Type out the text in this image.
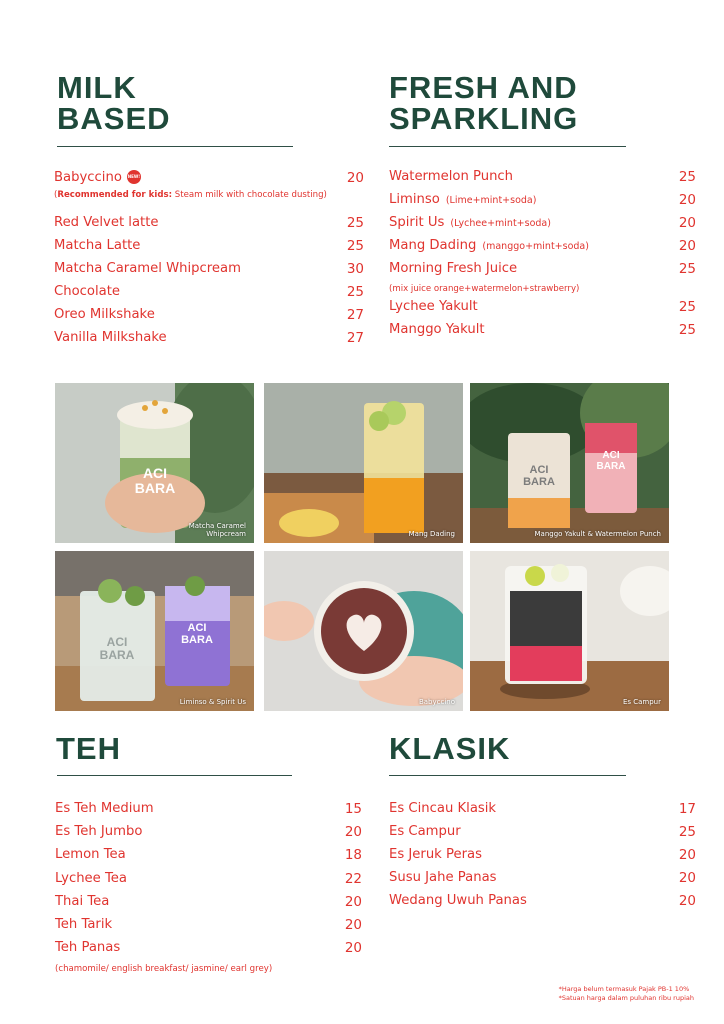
MILK
BASED
Babyccino NEW!	20
(Recommended for kids: Steam milk with chocolate dusting)
Red Velvet latte	25
Matcha Latte	25
Matcha Caramel Whipcream	30
Chocolate	25
Oreo Milkshake	27
Vanilla Milkshake	27
FRESH AND
SPARKLING
Watermelon Punch	25
Liminso (Lime+mint+soda)	20
Spirit Us (Lychee+mint+soda)	20
Mang Dading (manggo+mint+soda)	20
Morning Fresh Juice	25
Lychee Yakult	25
Manggo Yakult	25
(mix juice orange+watermelon+strawberry)
ACI
BARA
Matcha Caramel
Whipcream	Mang Dading
ACI
BARA
ACI
BARA
Manggo Yakult & Watermelon Punch
ACI
BARA
ACI
BARA
Liminso & Spirit Us	Babyccino	Es Campur
TEH
Es Teh Medium	15
Es Teh Jumbo	20
Lemon Tea	18
Lychee Tea	22
Thai Tea	20
Teh Tarik	20
Teh Panas	20
(chamomile/ english breakfast/ jasmine/ earl grey)
KLASIK
Es Cincau Klasik	17
Es Campur	25
Es Jeruk Peras	20
Susu Jahe Panas	20
Wedang Uwuh Panas	20
*Harga belum termasuk Pajak PB-1 10%
*Satuan harga dalam puluhan ribu rupiah
